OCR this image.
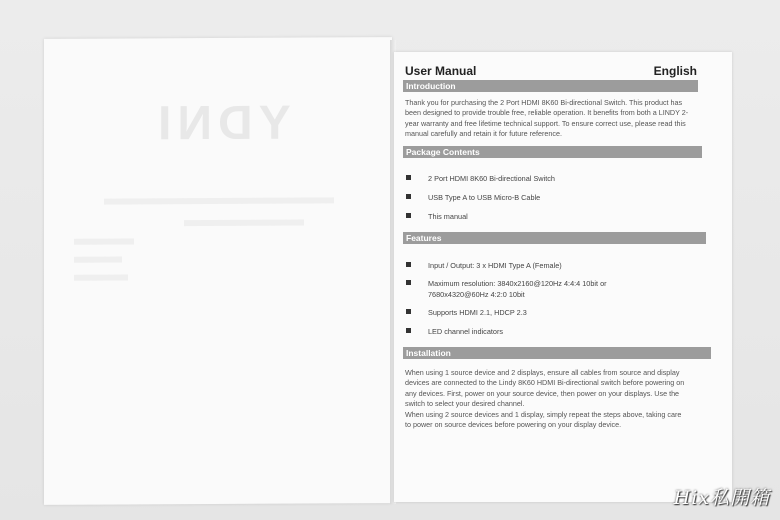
YDNI
User Manual	English
Introduction
Thank you for purchasing the 2 Port HDMI 8K60 Bi-directional Switch. This product has
been designed to provide trouble free, reliable operation. It benefits from both a LINDY 2-
year warranty and free lifetime technical support. To ensure correct use, please read this
manual carefully and retain it for future reference.
Package Contents
2 Port HDMI 8K60 Bi-directional Switch
USB Type A to USB Micro-B Cable
This manual
Features
Input / Output: 3 x HDMI Type A (Female)
Maximum resolution: 3840x2160@120Hz 4:4:4 10bit or
7680x4320@60Hz 4:2:0 10bit
Supports HDMI 2.1, HDCP 2.3
LED channel indicators
Installation
When using 1 source device and 2 displays, ensure all cables from source and display
devices are connected to the Lindy 8K60 HDMI Bi-directional switch before powering on
any devices. First, power on your source device, then power on your displays. Use the
switch to select your desired channel.
When using 2 source devices and 1 display, simply repeat the steps above, taking care
to power on source devices before powering on your display device.
Hix私開箱
